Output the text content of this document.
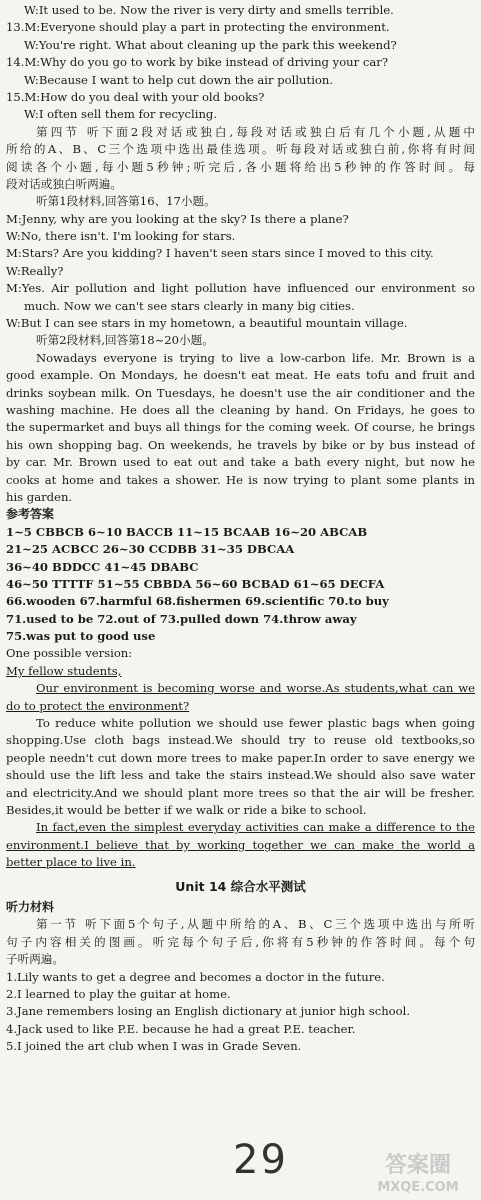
W:It used to be. Now the river is very dirty and smells terrible.
13.M:Everyone should play a part in protecting the environment.
W:You're right. What about cleaning up the park this weekend?
14.M:Why do you go to work by bike instead of driving your car?
W:Because I want to help cut down the air pollution.
15.M:How do you deal with your old books?
W:I often sell them for recycling.
第四节 听下面2段对话或独白,每段对话或独白后有几个小题,从题中
所给的A、B、C三个选项中选出最佳选项。听每段对话或独白前,你将有时间
阅读各个小题,每小题5秒钟;听完后,各小题将给出5秒钟的作答时间。每
段对话或独白听两遍。
听第1段材料,回答第16、17小题。
M:Jenny, why are you looking at the sky? Is there a plane?
W:No, there isn't. I'm looking for stars.
M:Stars? Are you kidding? I haven't seen stars since I moved to this city.
W:Really?
M:Yes. Air pollution and light pollution have influenced our environment so
much. Now we can't see stars clearly in many big cities.
W:But I can see stars in my hometown, a beautiful mountain village.
听第2段材料,回答第18~20小题。
Nowadays everyone is trying to live a low-carbon life. Mr. Brown is a
good example. On Mondays, he doesn't eat meat. He eats tofu and fruit and
drinks soybean milk. On Tuesdays, he doesn't use the air conditioner and the
washing machine. He does all the cleaning by hand. On Fridays, he goes to
the supermarket and buys all things for the coming week. Of course, he brings
his own shopping bag. On weekends, he travels by bike or by bus instead of
by car. Mr. Brown used to eat out and take a bath every night, but now he
cooks at home and takes a shower. He is now trying to plant some plants in
his garden.
参考答案
1~5 CBBCB 6~10 BACCB 11~15 BCAAB 16~20 ABCAB
21~25 ACBCC 26~30 CCDBB 31~35 DBCAA
36~40 BDDCC 41~45 DBABC
46~50 TTTTF 51~55 CBBDA 56~60 BCBAD 61~65 DECFA
66.wooden 67.harmful 68.fishermen 69.scientific 70.to buy
71.used to be 72.out of 73.pulled down 74.throw away
75.was put to good use
One possible version:
My fellow students,
Our environment is becoming worse and worse.As students,what can we
do to protect the environment?
To reduce white pollution we should use fewer plastic bags when going
shopping.Use cloth bags instead.We should try to reuse old textbooks,so
people needn't cut down more trees to make paper.In order to save energy we
should use the lift less and take the stairs instead.We should also save water
and electricity.And we should plant more trees so that the air will be fresher.
Besides,it would be better if we walk or ride a bike to school.
In fact,even the simplest everyday activities can make a difference to the
environment.I believe that by working together we can make the world a
better place to live in.
Unit 14 综合水平测试
听力材料
第一节 听下面5个句子,从题中所给的A、B、C三个选项中选出与所听
句子内容相关的图画。听完每个句子后,你将有5秒钟的作答时间。每个句
子听两遍。
1.Lily wants to get a degree and becomes a doctor in the future.
2.I learned to play the guitar at home.
3.Jane remembers losing an English dictionary at junior high school.
4.Jack used to like P.E. because he had a great P.E. teacher.
5.I joined the art club when I was in Grade Seven.
29	答案圈
MXQE.COM
